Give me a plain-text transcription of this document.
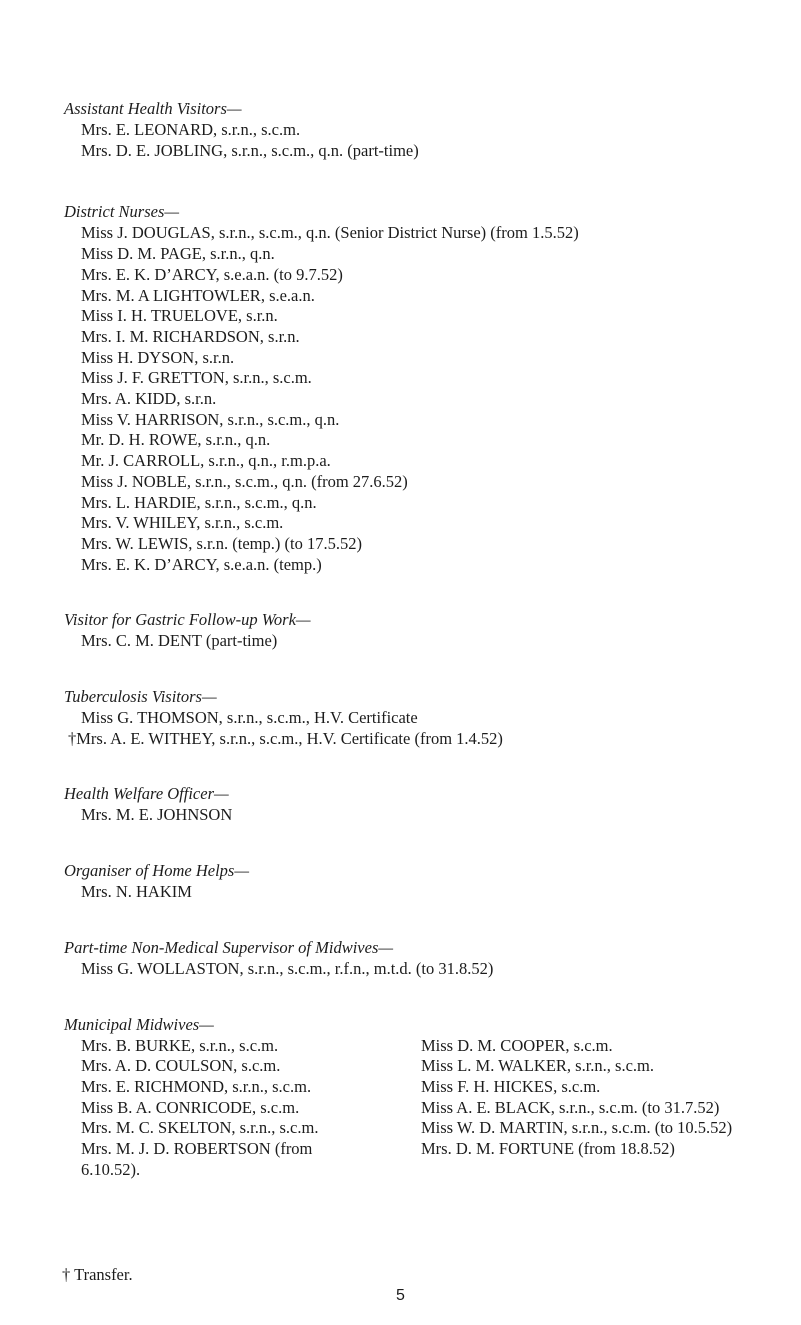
Assistant Health Visitors—

Mrs. E. LEONARD, s.r.n., s.c.m.

Mrs. D. E. JOBLING, s.r.n., s.c.m., q.n. (part-time)

District Nurses—

Miss J. DOUGLAS, s.r.n., s.c.m., q.n. (Senior District Nurse) (from 1.5.52)

Miss D. M. PAGE, s.r.n., q.n.

Mrs. E. K. D’ARCY, s.e.a.n. (to 9.7.52)

Mrs. M. A LIGHTOWLER, s.e.a.n.

Miss I. H. TRUELOVE, s.r.n.

Mrs. I. M. RICHARDSON, s.r.n.

Miss H. DYSON, s.r.n.

Miss J. F. GRETTON, s.r.n., s.c.m.

Mrs. A. KIDD, s.r.n.

Miss V. HARRISON, s.r.n., s.c.m., q.n.

Mr. D. H. ROWE, s.r.n., q.n.

Mr. J. CARROLL, s.r.n., q.n., r.m.p.a.

Miss J. NOBLE, s.r.n., s.c.m., q.n. (from 27.6.52)

Mrs. L. HARDIE, s.r.n., s.c.m., q.n.

Mrs. V. WHILEY, s.r.n., s.c.m.

Mrs. W. LEWIS, s.r.n. (temp.) (to 17.5.52)

Mrs. E. K. D’ARCY, s.e.a.n. (temp.)

Visitor for Gastric Follow-up Work—

Mrs. C. M. DENT (part-time)

Tuberculosis Visitors—

Miss G. THOMSON, s.r.n., s.c.m., H.V. Certificate

†Mrs. A. E. WITHEY, s.r.n., s.c.m., H.V. Certificate (from 1.4.52)

Health Welfare Officer—

Mrs. M. E. JOHNSON

Organiser of Home Helps—

Mrs. N. HAKIM

Part-time Non-Medical Supervisor of Midwives—

Miss G. WOLLASTON, s.r.n., s.c.m., r.f.n., m.t.d. (to 31.8.52)

Municipal Midwives—

Mrs. B. BURKE, s.r.n., s.c.m.

Mrs. A. D. COULSON, s.c.m.

Mrs. E. RICHMOND, s.r.n., s.c.m.

Miss B. A. CONRICODE, s.c.m.

Mrs. M. C. SKELTON, s.r.n., s.c.m.

Mrs. M. J. D. ROBERTSON (from 6.10.52).

Miss D. M. COOPER, s.c.m.

Miss L. M. WALKER, s.r.n., s.c.m.

Miss F. H. HICKES, s.c.m.

Miss A. E. BLACK, s.r.n., s.c.m. (to 31.7.52)

Miss W. D. MARTIN, s.r.n., s.c.m. (to 10.5.52)

Mrs. D. M. FORTUNE (from 18.8.52)

† Transfer.
5
